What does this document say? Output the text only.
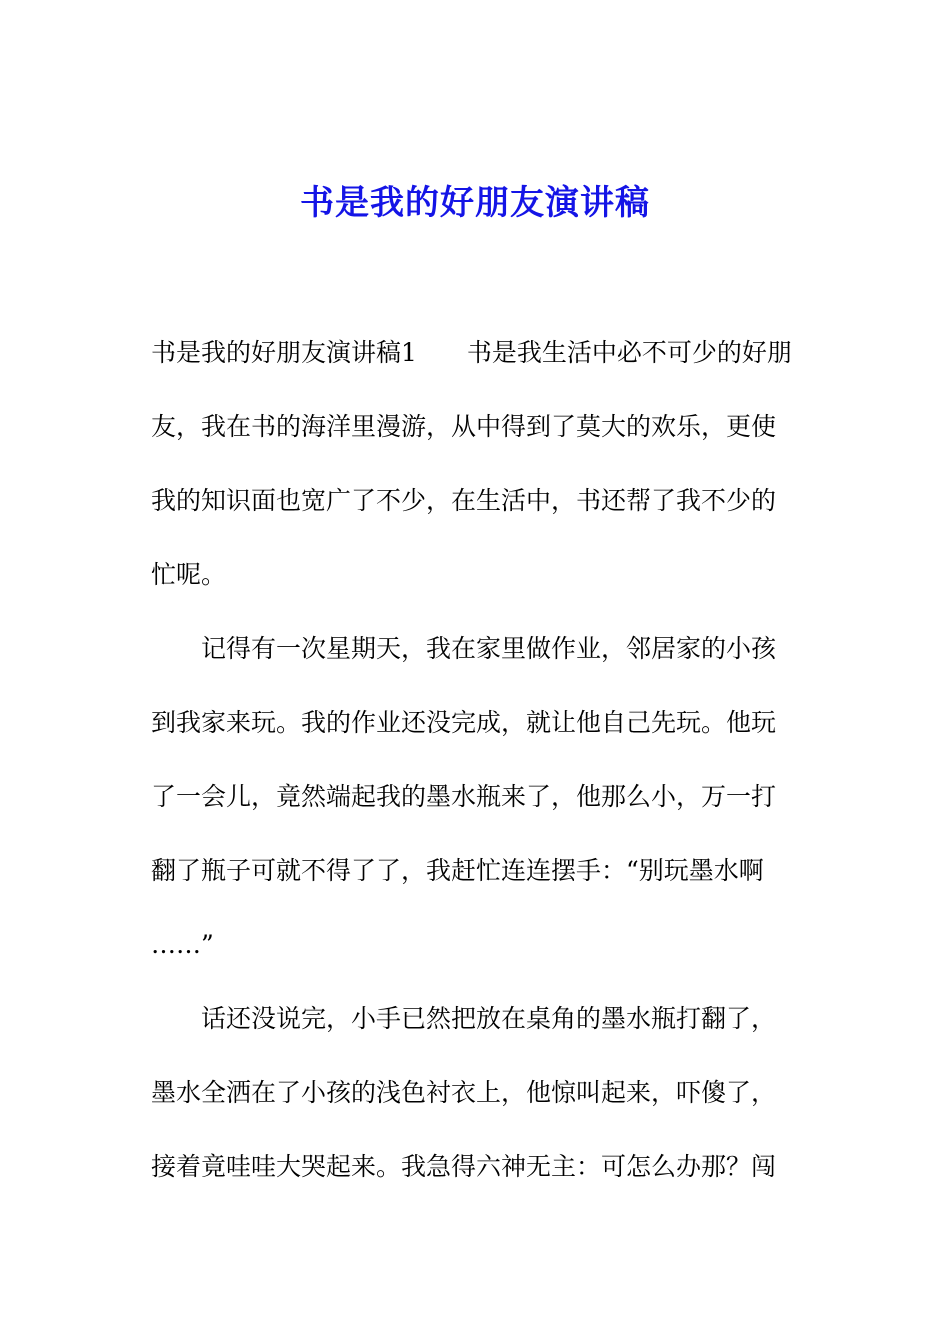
书是我的好朋友演讲稿
书是我的好朋友演讲稿1　　书是我生活中必不可少的好朋
友，我在书的海洋里漫游，从中得到了莫大的欢乐，更使
我的知识面也宽广了不少，在生活中，书还帮了我不少的
忙呢。
　　记得有一次星期天，我在家里做作业，邻居家的小孩
到我家来玩。我的作业还没完成，就让他自己先玩。他玩
了一会儿，竟然端起我的墨水瓶来了，他那么小，万一打
翻了瓶子可就不得了了，我赶忙连连摆手：“别玩墨水啊
……”
　　话还没说完，小手已然把放在桌角的墨水瓶打翻了，
墨水全洒在了小孩的浅色衬衣上，他惊叫起来，吓傻了，
接着竟哇哇大哭起来。我急得六神无主：可怎么办那？闯
